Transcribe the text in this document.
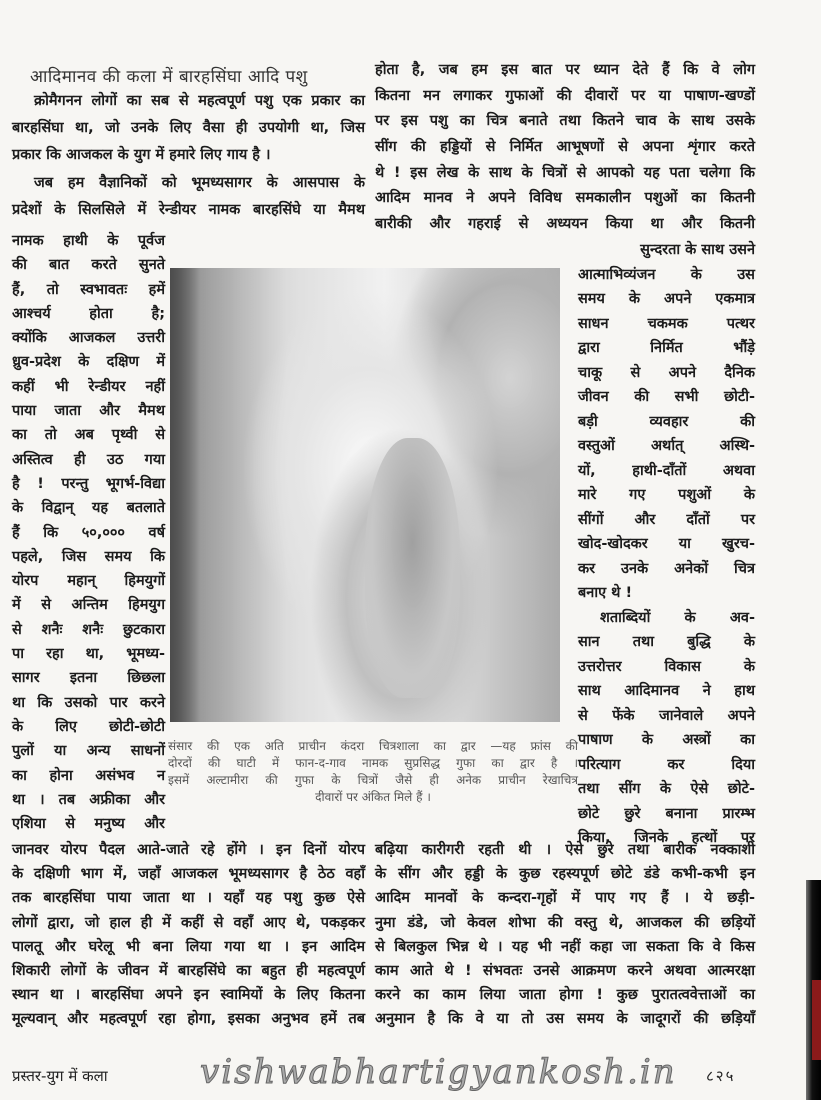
आदिमानव की कला में बारहसिंघा आदि पशु
क्रोमैगनन लोगों का सब से महत्वपूर्ण पशु एक प्रकार का
बारहसिंघा था, जो उनके लिए वैसा ही उपयोगी था, जिस
प्रकार कि आजकल के युग में हमारे लिए गाय है ।
जब हम वैज्ञानिकों को भूमध्यसागर के आसपास के
प्रदेशों के सिलसिले में रेन्डीयर नामक बारहसिंघे या मैमथ
नामक हाथी के पूर्वज
की बात करते सुनते
हैं, तो स्वभावतः हमें
आश्चर्य होता है;
क्योंकि आजकल उत्तरी
ध्रुव-प्रदेश के दक्षिण में
कहीं भी रेन्डीयर नहीं
पाया जाता और मैमथ
का तो अब पृथ्वी से
अस्तित्व ही उठ गया
है ! परन्तु भूगर्भ-विद्या
के विद्वान् यह बतलाते
हैं कि ५०,००० वर्ष
पहले, जिस समय कि
योरप महान् हिमयुगों
में से अन्तिम हिमयुग
से शनैः शनैः छुटकारा
पा रहा था, भूमध्य-
सागर इतना छिछला
था कि उसको पार करने
के लिए छोटी-छोटी
पुलों या अन्य साधनों
का होना असंभव न
था । तब अफ्रीका और
एशिया से मनुष्य और
होता है, जब हम इस बात पर ध्यान देते हैं कि वे लोग
कितना मन लगाकर गुफाओं की दीवारों पर या पाषाण-खण्डों
पर इस पशु का चित्र बनाते तथा कितने चाव के साथ उसके
सींग की हड्डियों से निर्मित आभूषणों से अपना शृंगार करते
थे ! इस लेख के साथ के चित्रों से आपको यह पता चलेगा कि
आदिम मानव ने अपने विविध समकालीन पशुओं का कितनी
बारीकी और गहराई से अध्ययन किया था और कितनी
सुन्दरता के साथ उसने
आत्माभिव्यंजन के उस
समय के अपने एकमात्र
साधन चकमक पत्थर
द्वारा निर्मित भौंड़े
चाकू से अपने दैनिक
जीवन की सभी छोटी-
बड़ी व्यवहार की
वस्तुओं अर्थात् अस्थि-
यों, हाथी-दाँतों अथवा
मारे गए पशुओं के
सींगों और दाँतों पर
खोद-खोदकर या खुरच-
कर उनके अनेकों चित्र
बनाए थे !
शताब्दियों के अव-
सान तथा बुद्धि के
उत्तरोत्तर विकास के
साथ आदिमानव ने हाथ
से फेंके जानेवाले अपने
पाषाण के अस्त्रों का
परित्याग कर दिया
तथा सींग के ऐसे छोटे-
छोटे छुरे बनाना प्रारम्भ
किया, जिनके हत्थों पर
संसार की एक अति प्राचीन कंदरा चित्रशाला का द्वार —यह फ्रांस की
दोरदों की घाटी में फान-द-गाव नामक सुप्रसिद्ध गुफा का द्वार है ।
इसमें अल्टामीरा की गुफा के चित्रों जैसे ही अनेक प्राचीन रेखाचित्र
दीवारों पर अंकित मिले हैं ।
जानवर योरप पैदल आते-जाते रहे होंगे । इन दिनों योरप
के दक्षिणी भाग में, जहाँ आजकल भूमध्यसागर है ठेठ वहाँ
तक बारहसिंघा पाया जाता था । यहाँ यह पशु कुछ ऐसे
लोगों द्वारा, जो हाल ही में कहीं से वहाँ आए थे, पकड़कर
पालतू और घरेलू भी बना लिया गया था । इन आदिम
शिकारी लोगों के जीवन में बारहसिंघे का बहुत ही महत्वपूर्ण
स्थान था । बारहसिंघा अपने इन स्वामियों के लिए कितना
मूल्यवान् और महत्वपूर्ण रहा होगा, इसका अनुभव हमें तब
बढ़िया कारीगरी रहती थी । ऐसे छुरे तथा बारीक नक्काशी
के सींग और हड्डी के कुछ रहस्यपूर्ण छोटे डंडे कभी-कभी इन
आदिम मानवों के कन्दरा-गृहों में पाए गए हैं । ये छड़ी-
नुमा डंडे, जो केवल शोभा की वस्तु थे, आजकल की छड़ियों
से बिलकुल भिन्न थे । यह भी नहीं कहा जा सकता कि वे किस
काम आते थे ! संभवतः उनसे आक्रमण करने अथवा आत्मरक्षा
करने का काम लिया जाता होगा ! कुछ पुरातत्ववेत्ताओं का
अनुमान है कि वे या तो उस समय के जादूगरों की छड़ियाँ
vishwabhartigyankosh.in
प्रस्तर-युग में कला	८२५
